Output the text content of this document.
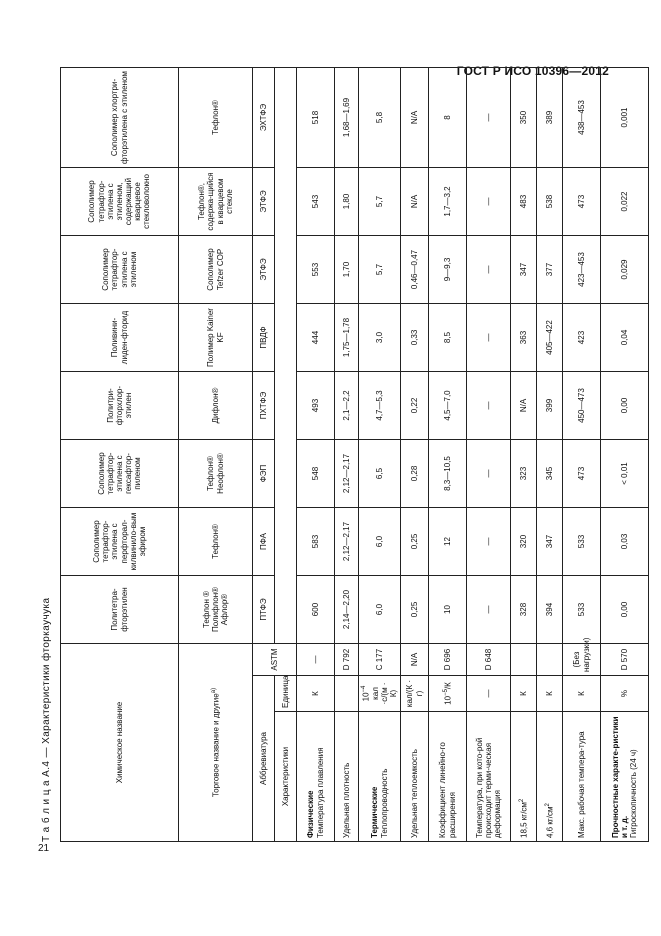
ГОСТ Р ИСО 10396—2012
Т а б л и ц а А.4 — Характеристики фторкаучука	Химическое название			Политетра-фторэтилен	Сополимер тетрафтор-этилена с перфторал-килвинило-вым эфиром	Сополимер тетрафтор-этилена с гексафтор-пиленом	Политри-фторхлор-этилен	Поливини-лиден-фторид	Сополимер тетрафтор-этилена с этиленом	Сополимер тетрафтор-этилена с этиленом, содержащий кварцевое стекловолокно	Сополимер хлортри-фторэтилена с этиленом
Торговое название и другие$^{a)}$			Тефлон ® Полифлон® Афлор®	Тефлон®	Тефлон® Неофлон®	Дифлон®	Полимер Kainer KF	Сополимер Tefzer COP	Тефлон®, содержа-щийся в кварцевом стекле	Тефлон®
Аббревиатура		ASTM	ПТФЭ	ПФА	ФЭП	ПХТФЭ	ПВДФ	ЭТФЭ	ЭТФЭ	ЭХТФЭ
Характеристики	Единица									
Физические
Температура плавления	К	—	600	583	548	493	444	553	543	518
Удельная плотность		D 792	2,14—2,20	2,12—2,17	2,12—2,17	2,1—2,2	1,75—1,78	1,70	1,80	1,68—1,69
Термические
Теплопроводность	$10^{-4}$ кал ·с/(м · К)	C 177	6,0	6,0	6,5	4,7—5,3	3,0	5,7	5,7	5,8
Удельная теплоемкость	кал/(К · г)	N/A	0,25	0,25	0,28	0,22	0,33	0,46—0,47	N/A	N/A
Коэффициент линейно-го расширения	$10^{-5}/К$	D 696	10	12	8,3—10,5	4,5—7,0	8,5	9—9,3	1,7—3,2	8
Температура, при кото-рой происходит терми-ческая деформация	—	D 648	—	—	—	—	—	—	—	—
18,5 $кг/см^2$	К		328	320	323	N/A	363	347	483	350
4,6 $кг/см^2$	К		394	347	345	399	405—422	377	538	389
Макс. рабочая темпера-тура	К	(Без нагрузки)	533	533	473	450—473	423	423—453	473	438—453
Прочностные характе-ристики и т. д.
Гигроскопичность (24 ч)	%	D 570	0,00	0,03	< 0,01	0,00	0,04	0,029	0,022	0,001
21
